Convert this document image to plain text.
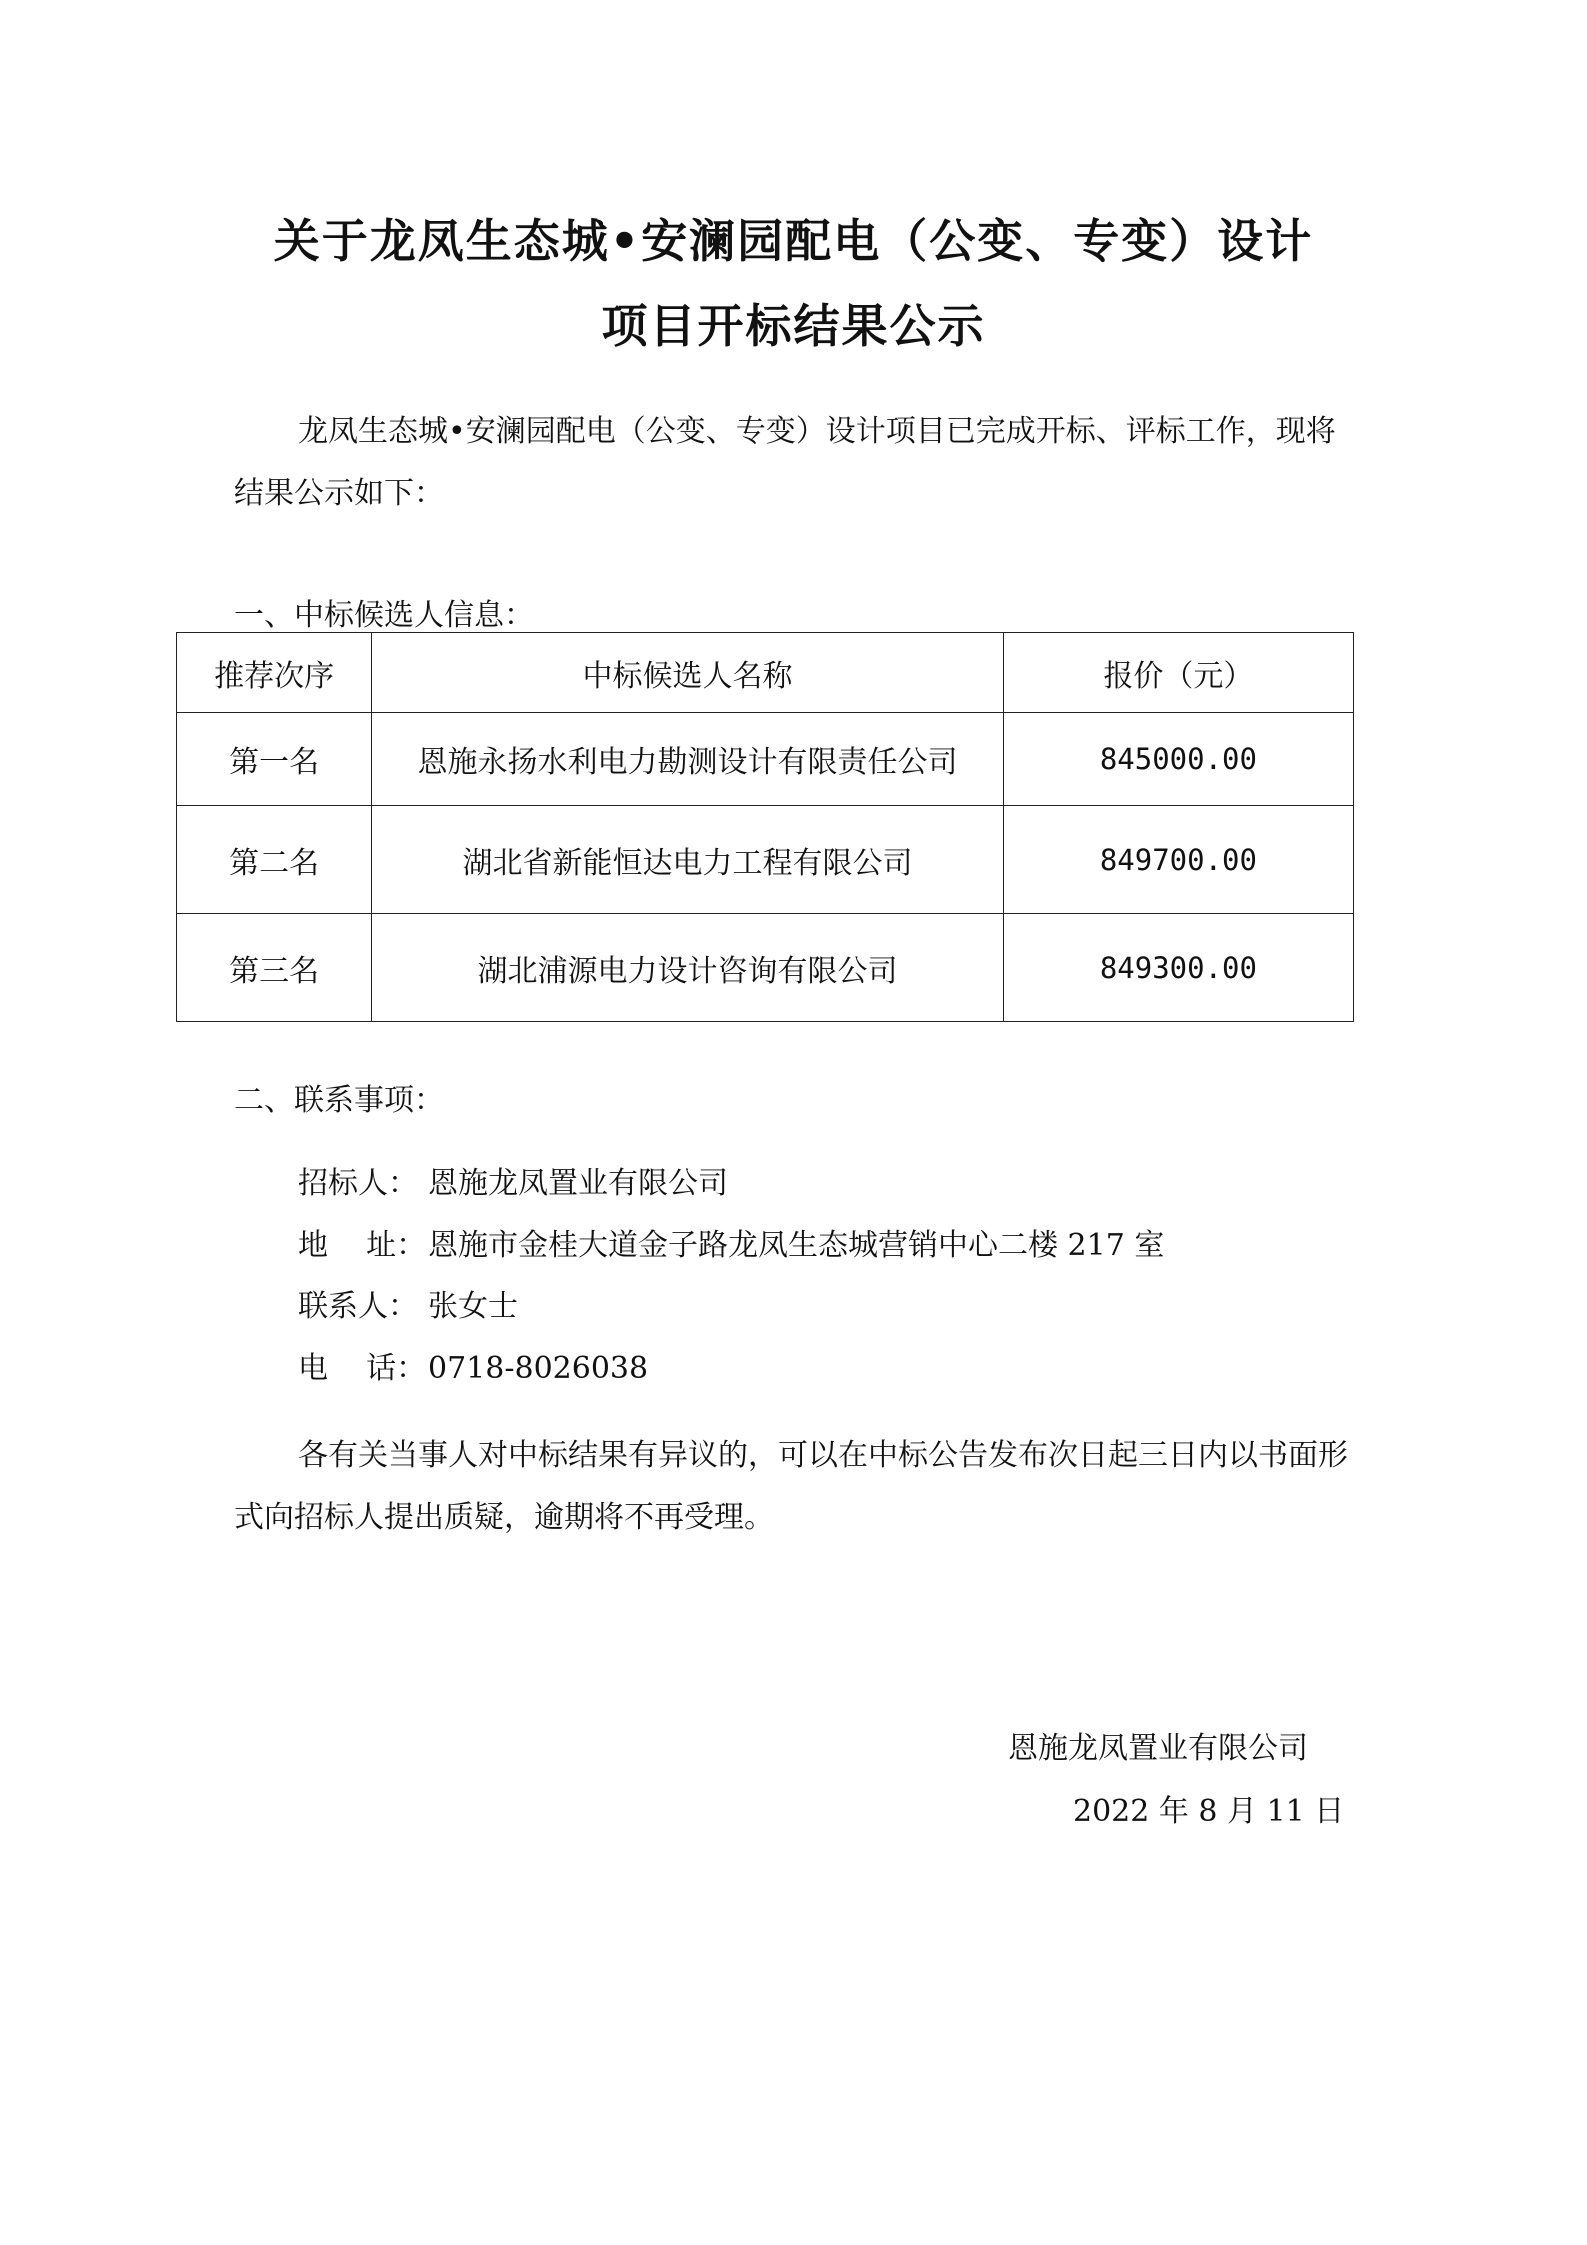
关于龙凤生态城•安澜园配电（公变、专变）设计
项目开标结果公示
龙凤生态城•安澜园配电（公变、专变）设计项目已完成开标、评标工作，现将结果公示如下：
一、中标候选人信息：
推荐次序	中标候选人名称	报价（元）
第一名	恩施永扬水利电力勘测设计有限责任公司	845000.00
第二名	湖北省新能恒达电力工程有限公司	849700.00
第三名	湖北浦源电力设计咨询有限公司	849300.00
二、联系事项：
招标人： 恩施龙凤置业有限公司
地    址：恩施市金桂大道金子路龙凤生态城营销中心二楼 217 室
联系人： 张女士
电    话：0718-8026038
各有关当事人对中标结果有异议的，可以在中标公告发布次日起三日内以书面形式向招标人提出质疑，逾期将不再受理。
恩施龙凤置业有限公司
2022 年 8 月 11 日
